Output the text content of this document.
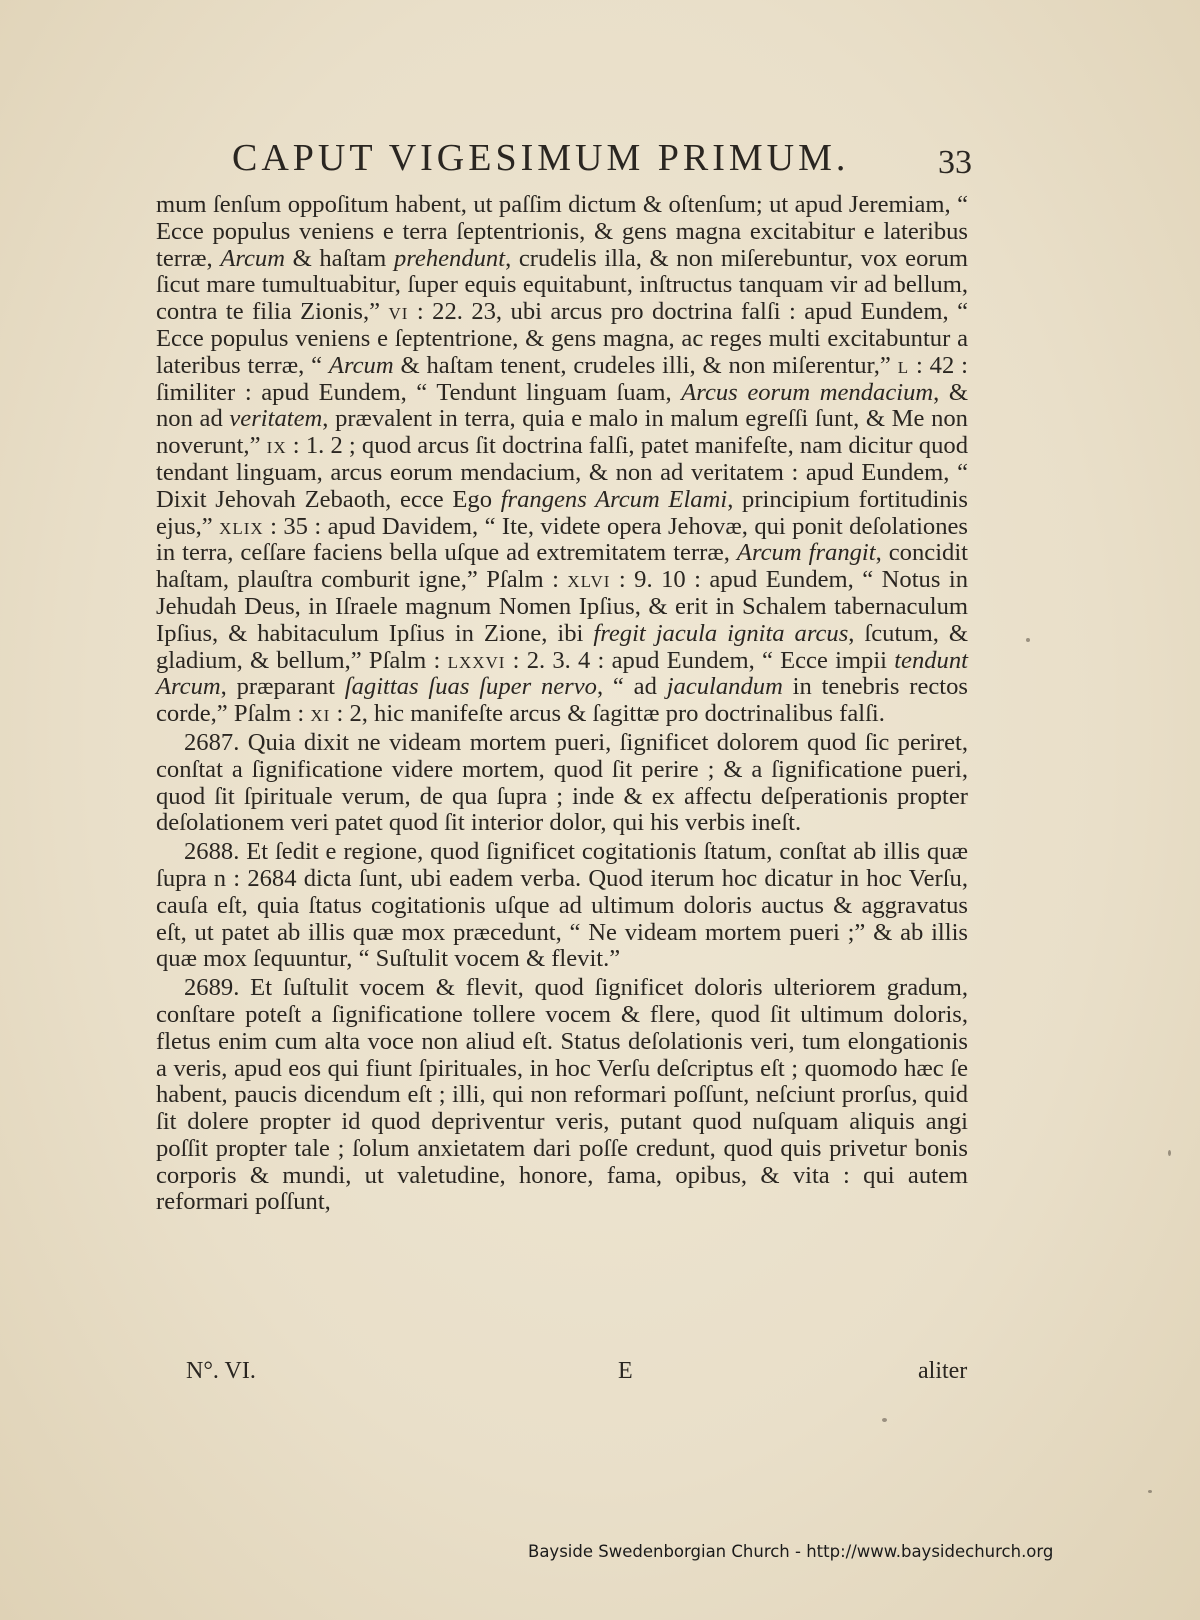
CAPUT VIGESIMUM PRIMUM.	33

mum ſenſum oppoſitum habent, ut paſſim dictum & oſtenſum; ut apud Jeremiam, “ Ecce populus veniens e terra ſeptentrionis, & gens magna excitabitur e lateribus terræ, Arcum & haſtam prehendunt, crudelis illa, & non miſerebuntur, vox eorum ſicut mare tumultuabitur, ſuper equis equitabunt, inſtructus tanquam vir ad bellum, contra te filia Zionis,” vi : 22. 23, ubi arcus pro doctrina falſi : apud Eundem, “ Ecce populus veniens e ſeptentrione, & gens magna, ac reges multi excitabuntur a lateribus terræ, “ Arcum & haſtam tenent, crudeles illi, & non miſerentur,” l : 42 : ſimiliter : apud Eundem, “ Tendunt linguam ſuam, Arcus eorum mendacium, & non ad veritatem, prævalent in terra, quia e malo in malum egreſſi ſunt, & Me non noverunt,” ix : 1. 2 ; quod arcus ſit doctrina falſi, patet manifeſte, nam dicitur quod tendant linguam, arcus eorum mendacium, & non ad veritatem : apud Eundem, “ Dixit Jehovah Zebaoth, ecce Ego frangens Arcum Elami, principium fortitudinis ejus,” xlix : 35 : apud Davidem, “ Ite, videte opera Jehovæ, qui ponit deſolationes in terra, ceſſare faciens bella uſque ad extremitatem terræ, Arcum frangit, concidit haſtam, plauſtra comburit igne,” Pſalm : xlvi : 9. 10 : apud Eundem, “ Notus in Jehudah Deus, in Iſraele magnum Nomen Ipſius, & erit in Schalem tabernaculum Ipſius, & habitaculum Ipſius in Zione, ibi fregit jacula ignita arcus, ſcutum, & gladium, & bellum,” Pſalm : lxxvi : 2. 3. 4 : apud Eundem, “ Ecce impii tendunt Arcum, præparant ſagittas ſuas ſuper nervo, “ ad jaculandum in tenebris rectos corde,” Pſalm : xi : 2, hic manifeſte arcus & ſagittæ pro doctrinalibus falſi.

2687. Quia dixit ne videam mortem pueri, ſignificet dolorem quod ſic periret, conſtat a ſignificatione videre mortem, quod ſit perire ; & a ſignificatione pueri, quod ſit ſpirituale verum, de qua ſupra ; inde & ex affectu deſperationis propter deſolationem veri patet quod ſit interior dolor, qui his verbis ineſt.

2688. Et ſedit e regione, quod ſignificet cogitationis ſtatum, conſtat ab illis quæ ſupra n : 2684 dicta ſunt, ubi eadem verba. Quod iterum hoc dicatur in hoc Verſu, cauſa eſt, quia ſtatus cogitationis uſque ad ultimum doloris auctus & aggravatus eſt, ut patet ab illis quæ mox præcedunt, “ Ne videam mortem pueri ;” & ab illis quæ mox ſequuntur, “ Suſtulit vocem & flevit.”

2689. Et ſuſtulit vocem & flevit, quod ſignificet doloris ulteriorem gradum, conſtare poteſt a ſignificatione tollere vocem & flere, quod ſit ultimum doloris, fletus enim cum alta voce non aliud eſt. Status deſolationis veri, tum elongationis a veris, apud eos qui fiunt ſpirituales, in hoc Verſu deſcriptus eſt ; quomodo hæc ſe habent, paucis dicendum eſt ; illi, qui non reformari poſſunt, neſciunt prorſus, quid ſit dolere propter id quod depriventur veris, putant quod nuſquam aliquis angi poſſit propter tale ; ſolum anxietatem dari poſſe credunt, quod quis privetur bonis corporis & mundi, ut valetudine, honore, fama, opibus, & vita : qui autem reformari poſſunt,

N°. VI.	E	aliter
Bayside Swedenborgian Church - http://www.baysidechurch.org
